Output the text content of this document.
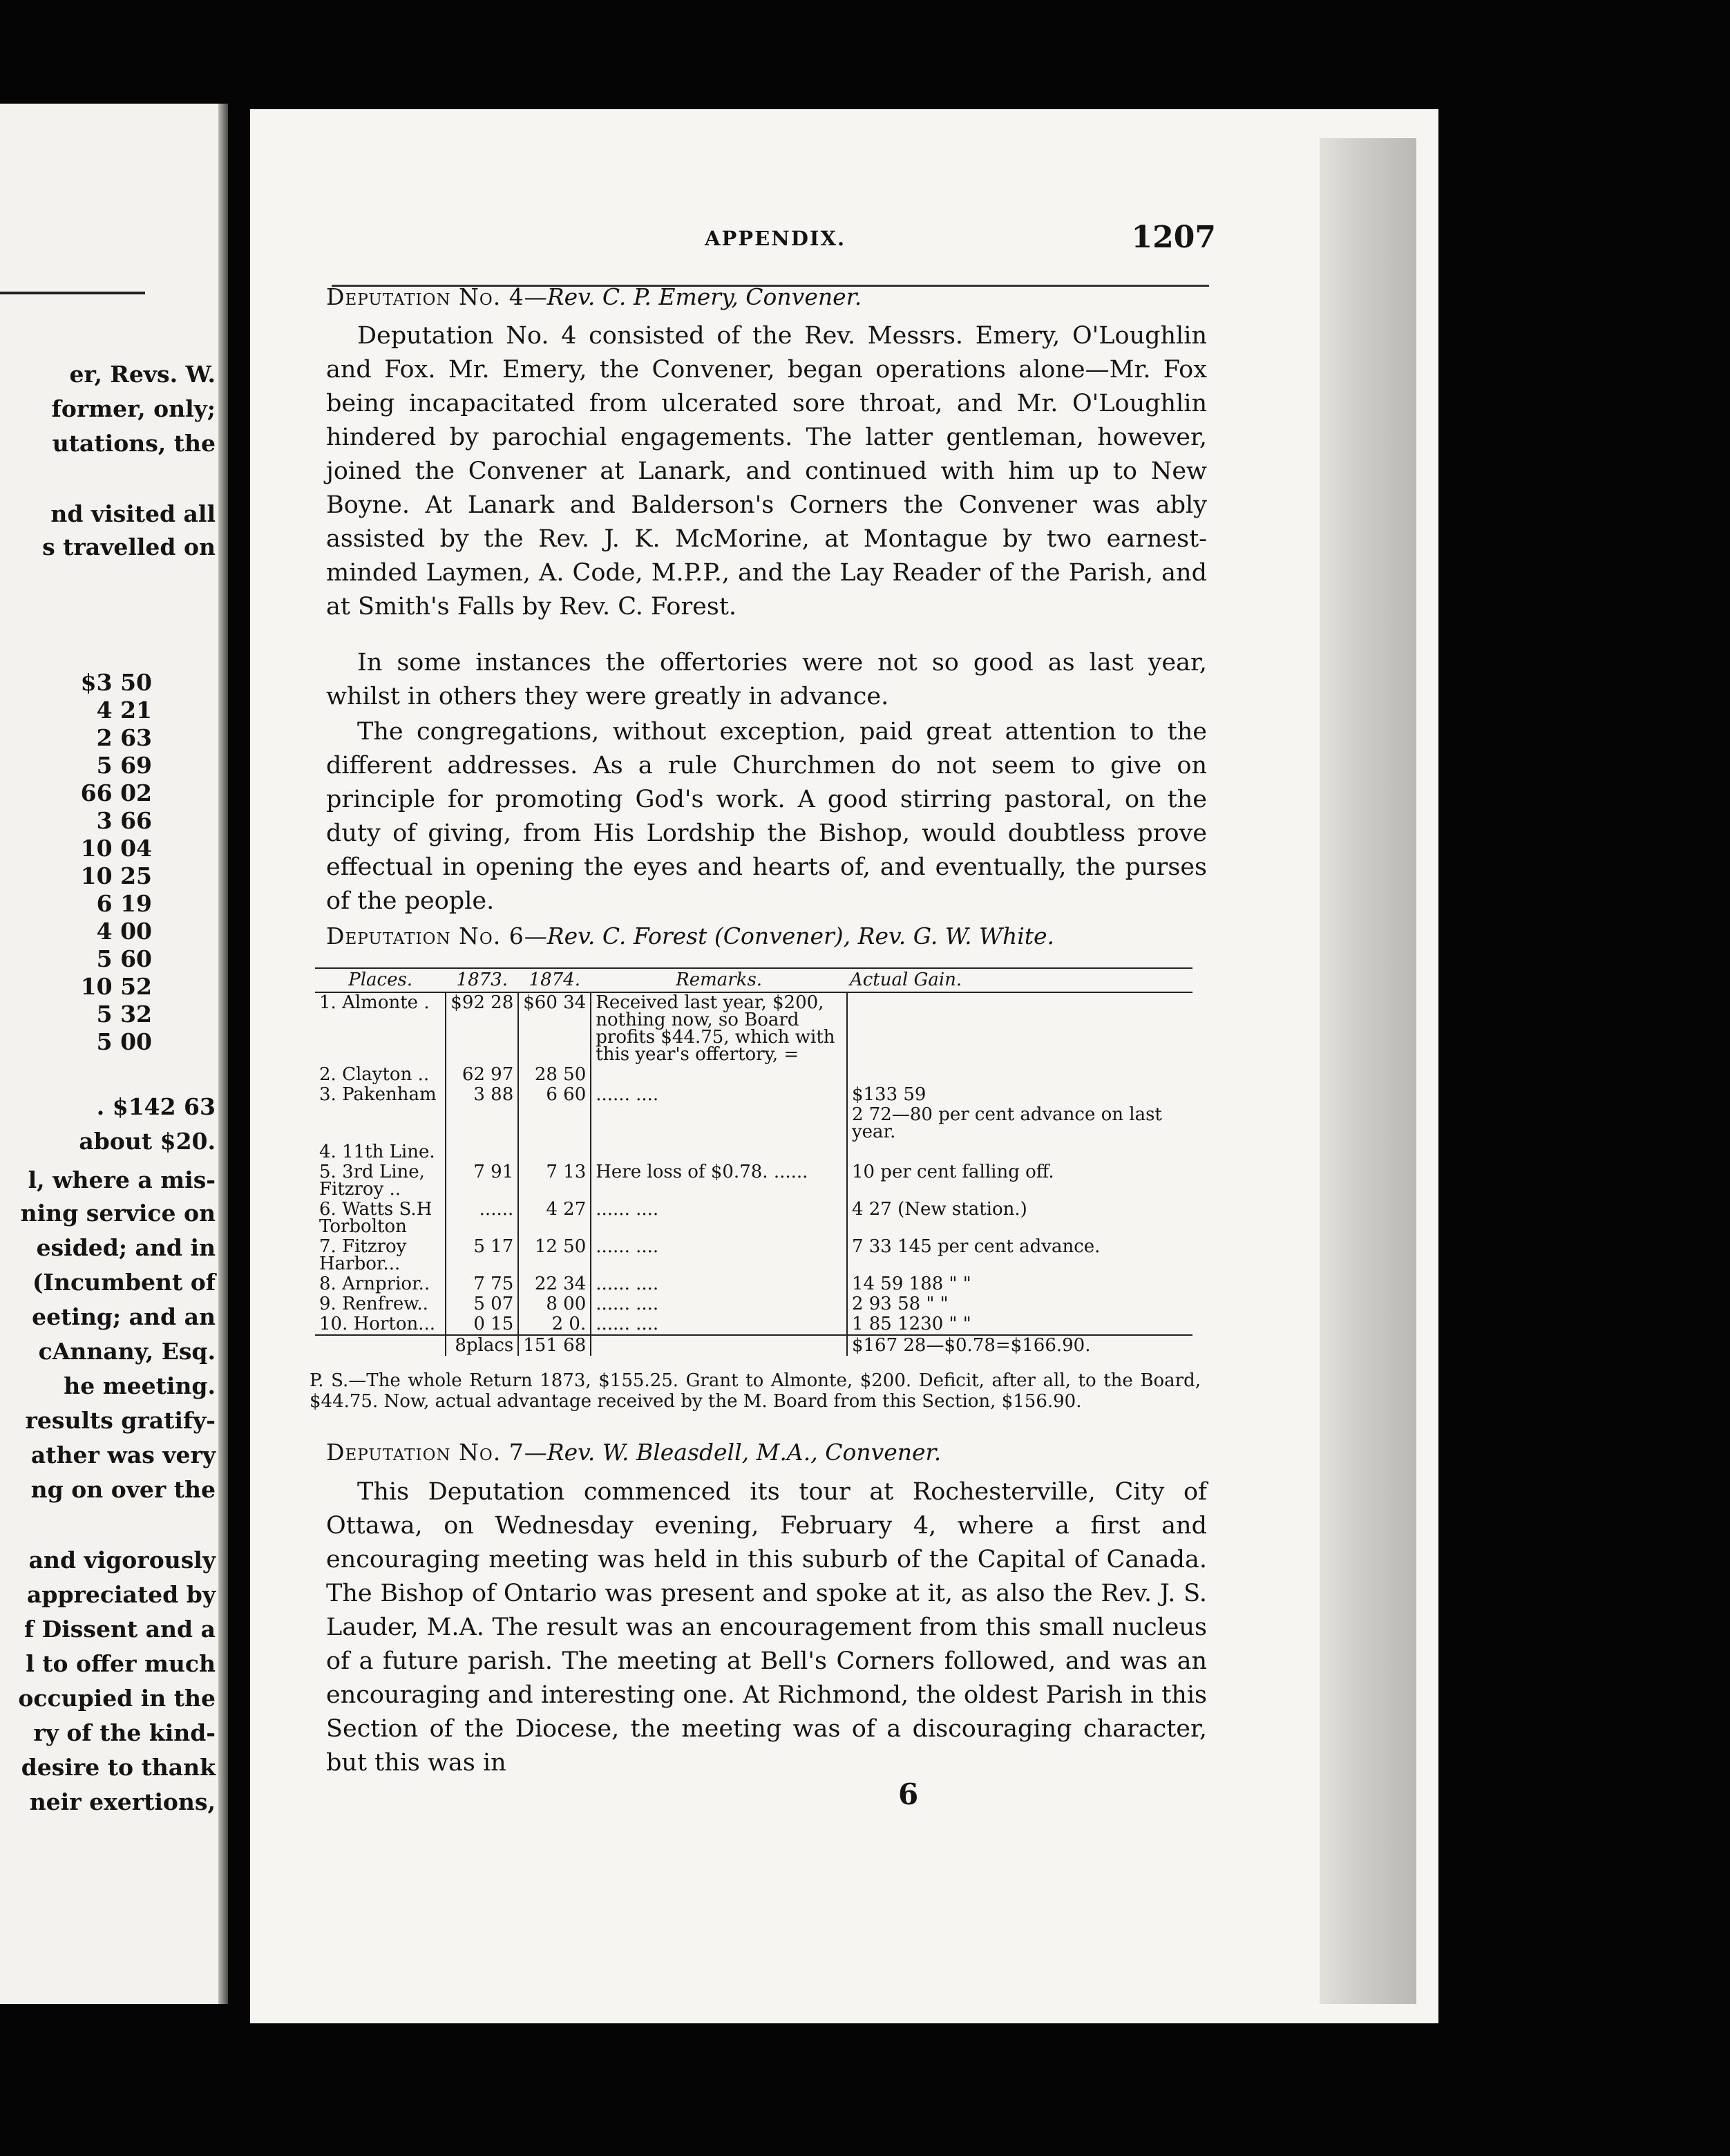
er, Revs. W.
former, only;
utations, the
nd visited all
s travelled on
. $142 63
about $20.
l, where a mis-
ning service on
esided; and in
(Incumbent of
eeting; and an
cAnnany, Esq.
he meeting.
results gratify-
ather was very
ng on over the
and vigorously
appreciated by
f Dissent and a
l to offer much
occupied in the
ry of the kind-
desire to thank
neir exertions,
$3 50
4 21
2 63
5 69
66 02
3 66
10 04
10 25
6 19
4 00
5 60
10 52
5 32
5 00
APPENDIX.	1207
Deputation No. 4—Rev. C. P. Emery, Convener.

Deputation No. 4 consisted of the Rev. Messrs. Emery, O'Loughlin and Fox. Mr. Emery, the Convener, began operations alone—Mr. Fox being incapacitated from ulcerated sore throat, and Mr. O'Loughlin hindered by parochial engagements. The latter gentleman, however, joined the Convener at Lanark, and continued with him up to New Boyne. At Lanark and Balderson's Corners the Convener was ably assisted by the Rev. J. K. McMorine, at Montague by two earnest-minded Laymen, A. Code, M.P.P., and the Lay Reader of the Parish, and at Smith's Falls by Rev. C. Forest.

In some instances the offertories were not so good as last year, whilst in others they were greatly in advance.

The congregations, without exception, paid great attention to the different addresses. As a rule Churchmen do not seem to give on principle for promoting God's work. A good stirring pastoral, on the duty of giving, from His Lordship the Bishop, would doubtless prove effectual in opening the eyes and hearts of, and eventually, the purses of the people.

Deputation No. 6—Rev. C. Forest (Convener), Rev. G. W. White.
Places.	1873.	1874.	Remarks.	Actual Gain.
1. Almonte .	$92 28	$60 34	Received last year, $200, nothing now, so Board profits $44.75, which with this year's offertory, =	
2. Clayton ..	62 97	28 50		
3. Pakenham	3 88	6 60	...... ....	$133 59
				2 72—80 per cent advance on last year.
4. 11th Line.				
5. 3rd Line, Fitzroy ..	7 91	7 13	Here loss of $0.78. ......	10 per cent falling off.
6. Watts S.H Torbolton	......	4 27	...... ....	4 27 (New station.)
7. Fitzroy Harbor...	5 17	12 50	...... ....	7 33 145 per cent advance.
8. Arnprior..	7 75	22 34	...... ....	14 59 188 " "
9. Renfrew..	5 07	8 00	...... ....	2 93 58 " "
10. Horton...	0 15	2 0.	...... ....	1 85 1230 " "
	8placs	151 68		$167 28—$0.78=$166.90.

P. S.—The whole Return 1873, $155.25. Grant to Almonte, $200. Deficit, after all, to the Board, $44.75. Now, actual advantage received by the M. Board from this Section, $156.90.

Deputation No. 7—Rev. W. Bleasdell, M.A., Convener.

This Deputation commenced its tour at Rochesterville, City of Ottawa, on Wednesday evening, February 4, where a first and encouraging meeting was held in this suburb of the Capital of Canada. The Bishop of Ontario was present and spoke at it, as also the Rev. J. S. Lauder, M.A. The result was an encouragement from this small nucleus of a future parish. The meeting at Bell's Corners followed, and was an encouraging and interesting one. At Richmond, the oldest Parish in this Section of the Diocese, the meeting was of a discouraging character, but this was in

6
